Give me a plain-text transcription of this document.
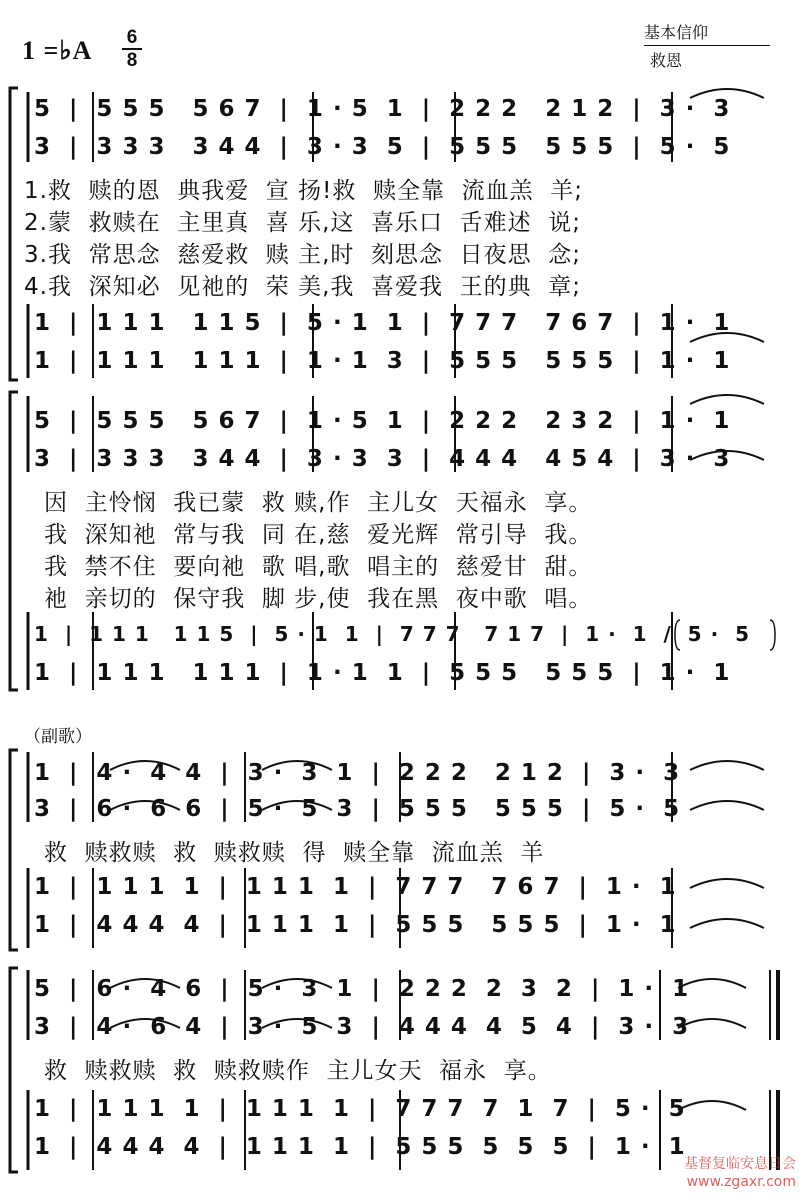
1 =♭A 6
8
基本信仰
救恩
5  |  5 5 5   5 6 7  |  1 · 5  1  |  2 2 2   2 1 2  |  3 ·  3
3  |  3 3 3   3 4 4  |  3 · 3  5  |  5 5 5   5 5 5  |  5 ·  5
1.救  赎的恩  典我爱  宣 扬!救  赎全靠  流血羔  羊;
2.蒙  救赎在  主里真  喜 乐,这  喜乐口  舌难述  说;
3.我  常思念  慈爱救  赎 主,时  刻思念  日夜思  念;
4.我  深知必  见祂的  荣 美,我  喜爱我  王的典  章;
1  |  1 1 1   1 1 5  |  5 · 1  1  |  7 7 7   7 6 7  |  1 ·  1
1  |  1 1 1   1 1 1  |  1 · 1  3  |  5 5 5   5 5 5  |  1 ·  1
5  |  5 5 5   5 6 7  |  1 · 5  1  |  2 2 2   2 3 2  |  1 ·  1
3  |  3 3 3   3 4 4  |  3 · 3  3  |  4 4 4   4 5 4  |  3 ·  3
因  主怜悯  我已蒙  救 赎,作  主儿女  天福永  享。
我  深知祂  常与我  同 在,慈  爱光辉  常引导  我。
我  禁不住  要向祂  歌 唱,歌  唱主的  慈爱甘  甜。
祂  亲切的  保守我  脚 步,使  我在黑  夜中歌  唱。
1  |  1 1 1   1 1 5  |  5 · 1  1  |  7 7 7   7 1 7  |  1 ·  1  /  5 ·  5
1  |  1 1 1   1 1 1  |  1 · 1  1  |  5 5 5   5 5 5  |  1 ·  1
（副歌）
1  |  4 ·  4  4  |  3 ·  3  1  |  2 2 2   2 1 2  |  3 ·  3
3  |  6 ·  6  6  |  5 ·  5  3  |  5 5 5   5 5 5  |  5 ·  5
救  赎救赎  救  赎救赎  得  赎全靠  流血羔  羊
1  |  1 1 1  1  |  1 1 1  1  |  7 7 7   7 6 7  |  1 ·  1
1  |  4 4 4  4  |  1 1 1  1  |  5 5 5   5 5 5  |  1 ·  1
5  |  6 ·  4  6  |  5 ·  3  1  |  2 2 2  2  3  2  |  1 ·  1
3  |  4 ·  6  4  |  3 ·  5  3  |  4 4 4  4  5  4  |  3 ·  3
救  赎救赎  救  赎救赎作  主儿女天  福永  享。
1  |  1 1 1  1  |  1 1 1  1  |  7 7 7  7  1  7  |  5 ·  5
1  |  4 4 4  4  |  1 1 1  1  |  5 5 5  5  5  5  |  1 ·  1
基督复临安息日会
www.zgaxr.com
